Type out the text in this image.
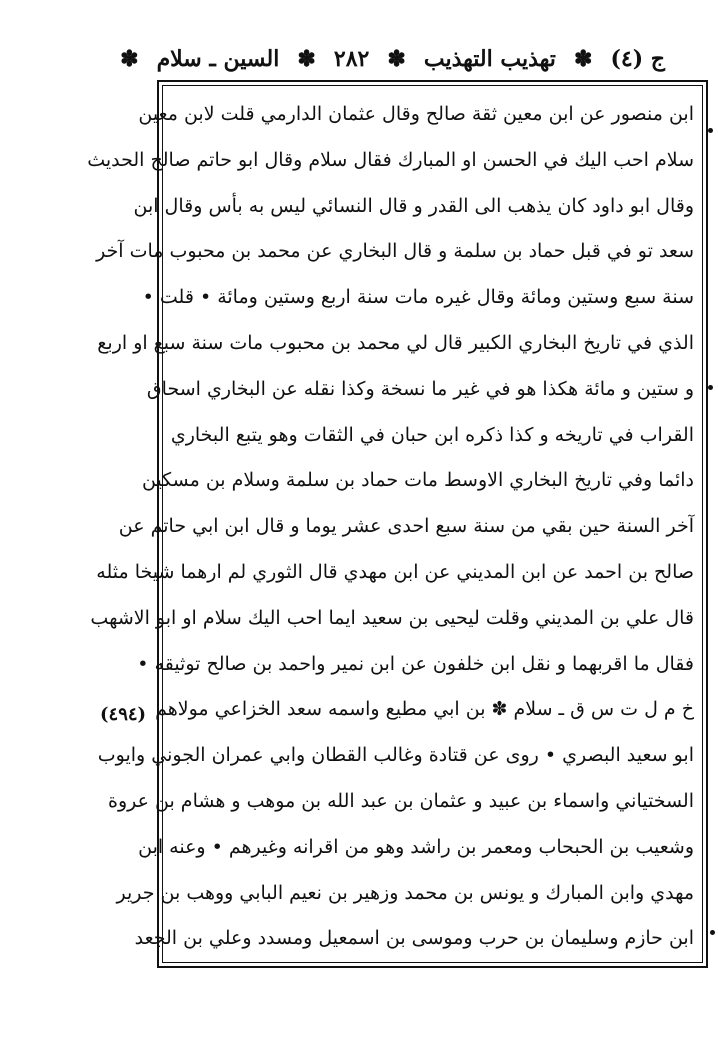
ج (٤)
✽
تهذيب التهذيب
✽
٢٨٢
✽
السين ـ سلام
✽
ابن منصور عن ابن معين ثقة صالح وقال عثمان الدارمي قلت لابن معين
سلام احب اليك في الحسن او المبارك فقال سلام وقال ابو حاتم صالح الحديث
وقال ابو داود كان يذهب الى القدر و قال النسائي ليس به بأس وقال ابن
سعد تو في قبل حماد بن سلمة و قال البخاري عن محمد بن محبوب مات آخر
سنة سبع وستين ومائة وقال غيره مات سنة اربع وستين ومائة • قلت •
الذي في تاريخ البخاري الكبير قال لي محمد بن محبوب مات سنة سبع او اربع
و ستين و مائة هكذا هو في غير ما نسخة وكذا نقله عن البخاري اسحاق
القراب في تاريخه و كذا ذكره ابن حبان في الثقات وهو يتبع البخاري
دائما وفي تاريخ البخاري الاوسط مات حماد بن سلمة وسلام بن مسكين
آخر السنة حين بقي من سنة سبع احدى عشر يوما و قال ابن ابي حاتم عن
صالح بن احمد عن ابن المديني عن ابن مهدي قال الثوري لم ارهما شيخا مثله
قال علي بن المديني وقلت ليحيى بن سعيد ايما احب اليك سلام او ابو الاشهب
فقال ما اقربهما و نقل ابن خلفون عن ابن نمير واحمد بن صالح توثيقه •
خ م ل ت س ق ـ سلام ✽ بن ابي مطيع واسمه سعد الخزاعي مولاهم
ابو سعيد البصري • روى عن قتادة وغالب القطان وابي عمران الجوني وايوب
السختياني واسماء بن عبيد و عثمان بن عبد الله بن موهب و هشام بن عروة
وشعيب بن الحبحاب ومعمر بن راشد وهو من اقرانه وغيرهم • وعنه ابن
مهدي وابن المبارك و يونس بن محمد وزهير بن نعيم البابي ووهب بن جرير
ابن حازم وسليمان بن حرب وموسى بن اسمعيل ومسدد وعلي بن الجعد
(٤٩٤)
